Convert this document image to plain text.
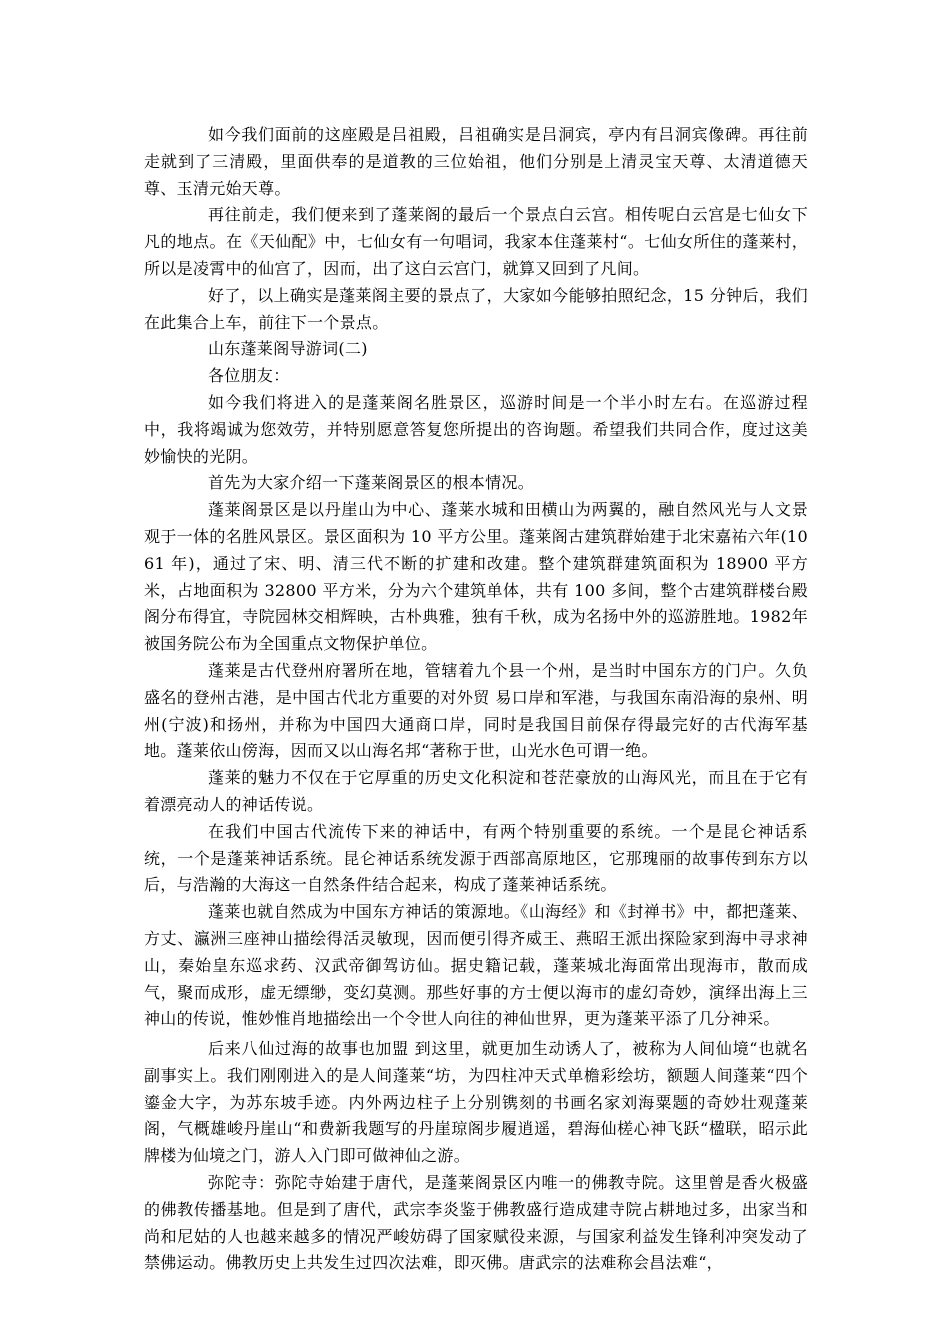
如今我们面前的这座殿是吕祖殿，吕祖确实是吕洞宾，亭内有吕洞宾像碑。再往前走就到了三清殿，里面供奉的是道教的三位始祖，他们分别是上清灵宝天尊、太清道德天尊、玉清元始天尊。

再往前走，我们便来到了蓬莱阁的最后一个景点白云宫。相传呢白云宫是七仙女下凡的地点。在《天仙配》中，七仙女有一句唱词，我家本住蓬莱村“。七仙女所住的蓬莱村，所以是凌霄中的仙宫了，因而，出了这白云宫门，就算又回到了凡间。

好了，以上确实是蓬莱阁主要的景点了，大家如今能够拍照纪念，15 分钟后，我们在此集合上车，前往下一个景点。

山东蓬莱阁导游词(二)

各位朋友：

如今我们将进入的是蓬莱阁名胜景区，巡游时间是一个半小时左右。在巡游过程中，我将竭诚为您效劳，并特别愿意答复您所提出的咨询题。希望我们共同合作，度过这美妙愉快的光阴。

首先为大家介绍一下蓬莱阁景区的根本情况。

蓬莱阁景区是以丹崖山为中心、蓬莱水城和田横山为两翼的，融自然风光与人文景观于一体的名胜风景区。景区面积为 10 平方公里。蓬莱阁古建筑群始建于北宋嘉祐六年(1061 年)，通过了宋、明、清三代不断的扩建和改建。整个建筑群建筑面积为 18900 平方米，占地面积为 32800 平方米，分为六个建筑单体，共有 100 多间，整个古建筑群楼台殿阁分布得宜，寺院园林交相辉映，古朴典雅，独有千秋，成为名扬中外的巡游胜地。1982年被国务院公布为全国重点文物保护单位。

蓬莱是古代登州府署所在地，管辖着九个县一个州，是当时中国东方的门户。久负盛名的登州古港，是中国古代北方重要的对外贸 易口岸和军港，与我国东南沿海的泉州、明州(宁波)和扬州，并称为中国四大通商口岸，同时是我国目前保存得最完好的古代海军基地。蓬莱依山傍海，因而又以山海名邦“著称于世，山光水色可谓一绝。

蓬莱的魅力不仅在于它厚重的历史文化积淀和苍茫豪放的山海风光，而且在于它有着漂亮动人的神话传说。

在我们中国古代流传下来的神话中，有两个特别重要的系统。一个是昆仑神话系统，一个是蓬莱神话系统。昆仑神话系统发源于西部高原地区，它那瑰丽的故事传到东方以后，与浩瀚的大海这一自然条件结合起来，构成了蓬莱神话系统。

蓬莱也就自然成为中国东方神话的策源地。《山海经》和《封禅书》中，都把蓬莱、方丈、瀛洲三座神山描绘得活灵敏现，因而便引得齐威王、燕昭王派出探险家到海中寻求神山，秦始皇东巡求药、汉武帝御驾访仙。据史籍记载，蓬莱城北海面常出现海市，散而成气，聚而成形，虚无缥缈，变幻莫测。那些好事的方士便以海市的虚幻奇妙，演绎出海上三神山的传说，惟妙惟肖地描绘出一个令世人向往的神仙世界，更为蓬莱平添了几分神采。

后来八仙过海的故事也加盟 到这里，就更加生动诱人了，被称为人间仙境“也就名副事实上。我们刚刚进入的是人间蓬莱“坊，为四柱冲天式单檐彩绘坊，额题人间蓬莱“四个鎏金大字，为苏东坡手迹。内外两边柱子上分别镌刻的书画名家刘海粟题的奇妙壮观蓬莱阁，气概雄峻丹崖山“和费新我题写的丹崖琼阁步履逍遥，碧海仙槎心神飞跃“楹联，昭示此牌楼为仙境之门，游人入门即可做神仙之游。

弥陀寺：弥陀寺始建于唐代，是蓬莱阁景区内唯一的佛教寺院。这里曾是香火极盛的佛教传播基地。但是到了唐代，武宗李炎鉴于佛教盛行造成建寺院占耕地过多，出家当和尚和尼姑的人也越来越多的情况严峻妨碍了国家赋役来源，与国家利益发生锋利冲突发动了禁佛运动。佛教历史上共发生过四次法难，即灭佛。唐武宗的法难称会昌法难“，
